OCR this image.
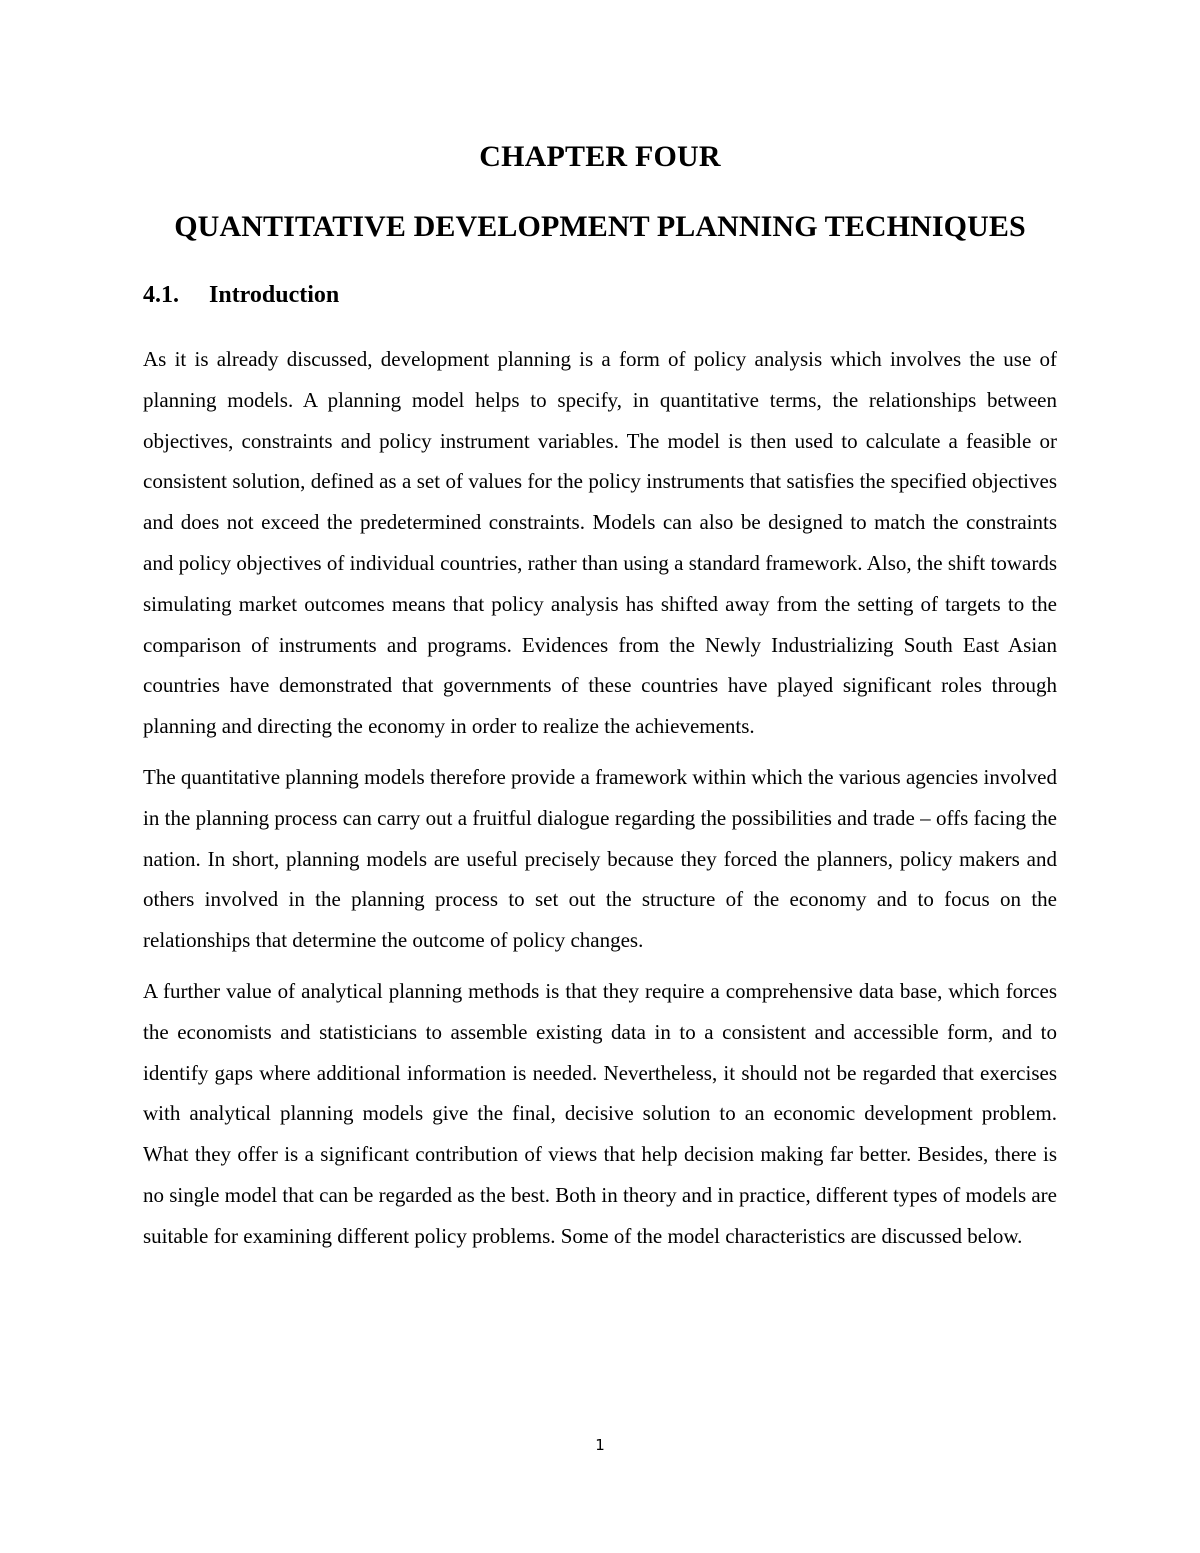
CHAPTER FOUR
QUANTITATIVE DEVELOPMENT PLANNING TECHNIQUES
4.1. Introduction

As it is already discussed, development planning is a form of policy analysis which involves the use of planning models. A planning model helps to specify, in quantitative terms, the relationships between objectives, constraints and policy instrument variables. The model is then used to calculate a feasible or consistent solution, defined as a set of values for the policy instruments that satisfies the specified objectives and does not exceed the predetermined constraints. Models can also be designed to match the constraints and policy objectives of individual countries, rather than using a standard framework. Also, the shift towards simulating market outcomes means that policy analysis has shifted away from the setting of targets to the comparison of instruments and programs. Evidences from the Newly Industrializing South East Asian countries have demonstrated that governments of these countries have played significant roles through planning and directing the economy in order to realize the achievements.

The quantitative planning models therefore provide a framework within which the various agencies involved in the planning process can carry out a fruitful dialogue regarding the possibilities and trade – offs facing the nation. In short, planning models are useful precisely because they forced the planners, policy makers and others involved in the planning process to set out the structure of the economy and to focus on the relationships that determine the outcome of policy changes.

A further value of analytical planning methods is that they require a comprehensive data base, which forces the economists and statisticians to assemble existing data in to a consistent and accessible form, and to identify gaps where additional information is needed. Nevertheless, it should not be regarded that exercises with analytical planning models give the final, decisive solution to an economic development problem. What they offer is a significant contribution of views that help decision making far better. Besides, there is no single model that can be regarded as the best. Both in theory and in practice, different types of models are suitable for examining different policy problems. Some of the model characteristics are discussed below.

1
